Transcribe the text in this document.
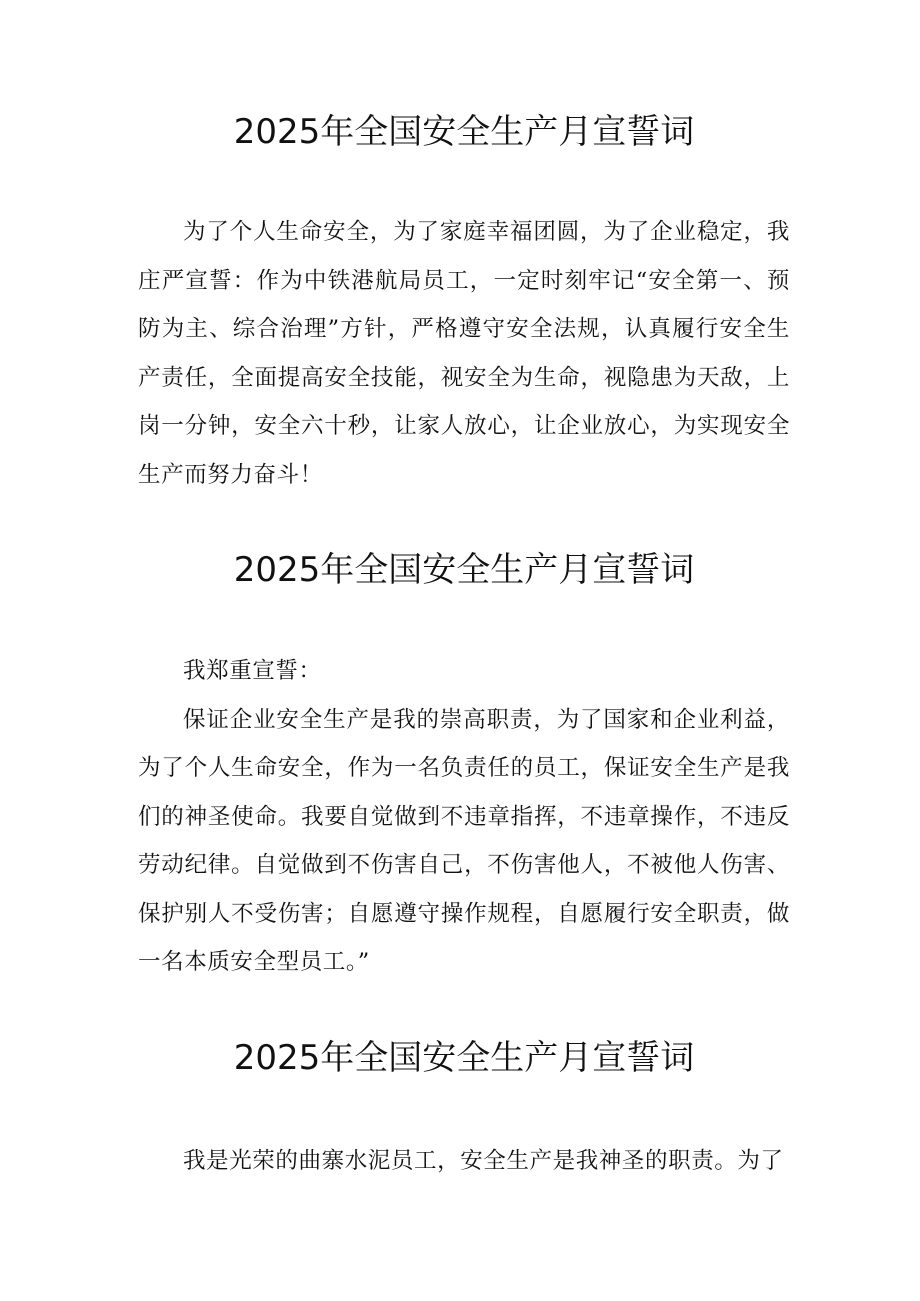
2025年全国安全生产月宣誓词

为了个人生命安全，为了家庭幸福团圆，为了企业稳定，我庄严宣誓：作为中铁港航局员工，一定时刻牢记“安全第一、预防为主、综合治理”方针，严格遵守安全法规，认真履行安全生产责任，全面提高安全技能，视安全为生命，视隐患为天敌，上岗一分钟，安全六十秒，让家人放心，让企业放心，为实现安全生产而努力奋斗！

2025年全国安全生产月宣誓词

我郑重宣誓：

保证企业安全生产是我的崇高职责，为了国家和企业利益，为了个人生命安全，作为一名负责任的员工，保证安全生产是我们的神圣使命。我要自觉做到不违章指挥，不违章操作，不违反劳动纪律。自觉做到不伤害自己，不伤害他人，不被他人伤害、保护别人不受伤害；自愿遵守操作规程，自愿履行安全职责，做一名本质安全型员工。”

2025年全国安全生产月宣誓词

我是光荣的曲寨水泥员工，安全生产是我神圣的职责。为了
